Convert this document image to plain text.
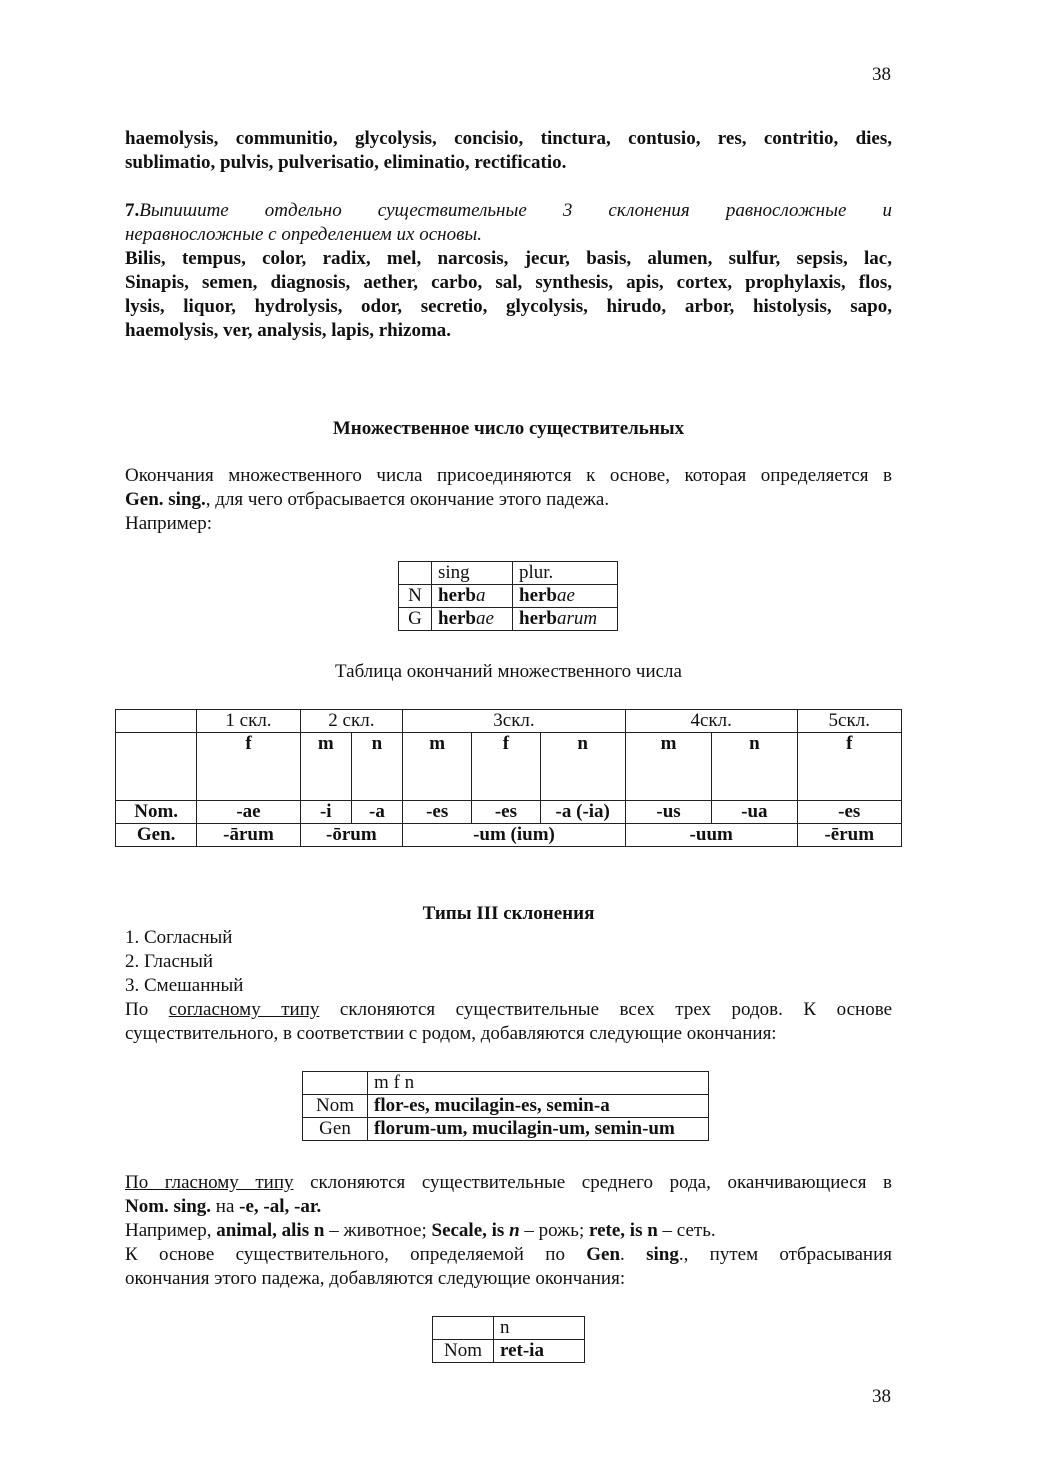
38
haemolysis, communitio, glycolysis, concisio, tinctura, contusio, res, contritio, dies,
sublimatio, pulvis, pulverisatio, eliminatio, rectificatio.
7.Выпишите отдельно существительные 3 склонения равносложные и
неравносложные с определением их основы.
Bilis, tempus, color, radix, mel, narcosis, jecur, basis, alumen, sulfur, sepsis, lac,
Sinapis, semen, diagnosis, aether, carbo, sal, synthesis, apis, cortex, prophylaxis, flos,
lysis, liquor, hydrolysis, odor, secretio, glycolysis, hirudo, arbor, histolysis, sapo,
haemolysis, ver, analysis, lapis, rhizoma.
Множественное число существительных
Окончания множественного числа присоединяются к основе, которая определяется в
Gen. sing., для чего отбрасывается окончание этого падежа.
Например:
	sing	plur.
N	herba	herbae
G	herbae	herbarum
Таблица окончаний множественного числа
	1 скл.	2 скл.		3скл.			4скл.		5скл.
	f	m	n	m	f	n	m	n	f
Nom.	-ae	-i	-a	-es	-es	-a (-ia)	-us	-ua	-es
Gen.	-ārum	-ōrum		-um (ium)			-uum		-ērum
Типы III склонения
1. Согласный
2. Гласный
3. Смешанный
По согласному типу склоняются существительные всех трех родов. К основе
существительного, в соответствии с родом, добавляются следующие окончания:
	m f n
Nom	flor-es, mucilagin-es, semin-a
Gen	florum-um, mucilagin-um, semin-um
По гласному типу склоняются существительные среднего рода, оканчивающиеся в
Nom. sing. на -e, -al, -ar.
Например, animal, alis n – животное; Secale, is n – рожь; rete, is n – сеть.
К основе существительного, определяемой по Gen. sing., путем отбрасывания
окончания этого падежа, добавляются следующие окончания:
	n
Nom	ret-ia
38
